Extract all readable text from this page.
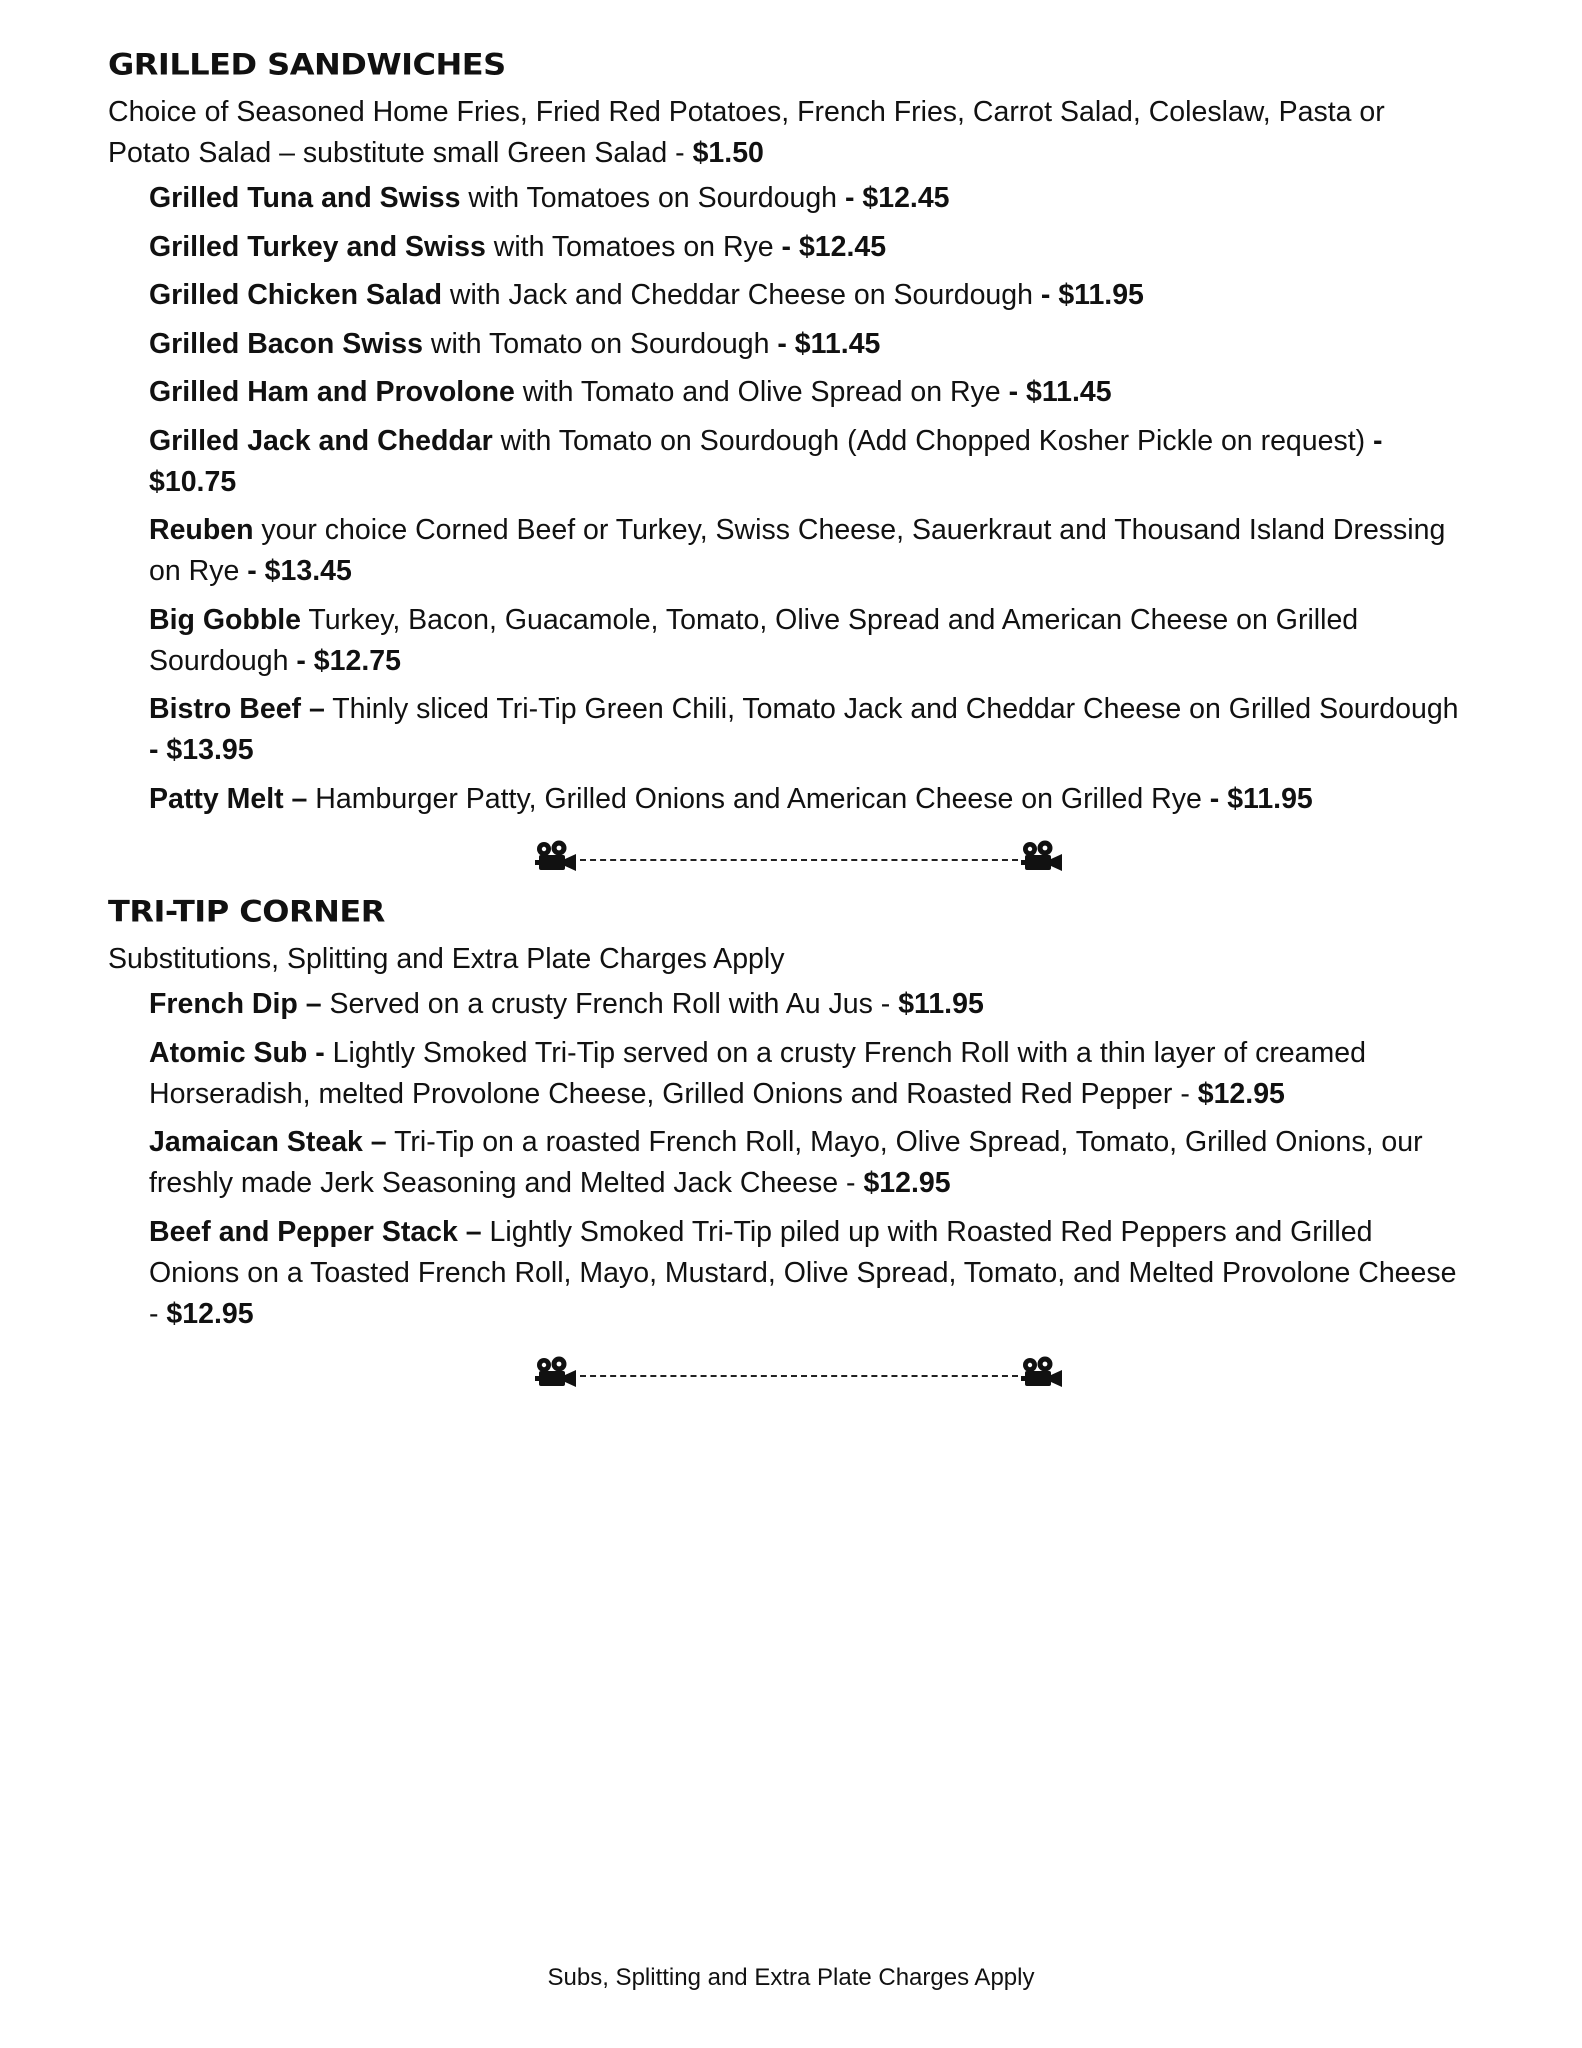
GRILLED SANDWICHES
Choice of Seasoned Home Fries, Fried Red Potatoes, French Fries, Carrot Salad, Coleslaw, Pasta or Potato Salad – substitute small Green Salad - $1.50
Grilled Tuna and Swiss with Tomatoes on Sourdough - $12.45
Grilled Turkey and Swiss with Tomatoes on Rye - $12.45
Grilled Chicken Salad with Jack and Cheddar Cheese on Sourdough - $11.95
Grilled Bacon Swiss with Tomato on Sourdough - $11.45
Grilled Ham and Provolone with Tomato and Olive Spread on Rye - $11.45
Grilled Jack and Cheddar with Tomato on Sourdough (Add Chopped Kosher Pickle on request) - $10.75
Reuben your choice Corned Beef or Turkey, Swiss Cheese, Sauerkraut and Thousand Island Dressing on Rye - $13.45
Big Gobble Turkey, Bacon, Guacamole, Tomato, Olive Spread and American Cheese on Grilled Sourdough - $12.75
Bistro Beef – Thinly sliced Tri-Tip Green Chili, Tomato Jack and Cheddar Cheese on Grilled Sourdough - $13.95
Patty Melt – Hamburger Patty, Grilled Onions and American Cheese on Grilled Rye - $11.95
TRI-TIP CORNER
Substitutions, Splitting and Extra Plate Charges Apply
French Dip – Served on a crusty French Roll with Au Jus - $11.95
Atomic Sub - Lightly Smoked Tri-Tip served on a crusty French Roll with a thin layer of creamed Horseradish, melted Provolone Cheese, Grilled Onions and Roasted Red Pepper - $12.95
Jamaican Steak – Tri-Tip on a roasted French Roll, Mayo, Olive Spread, Tomato, Grilled Onions, our freshly made Jerk Seasoning and Melted Jack Cheese - $12.95
Beef and Pepper Stack – Lightly Smoked Tri-Tip piled up with Roasted Red Peppers and Grilled Onions on a Toasted French Roll, Mayo, Mustard, Olive Spread, Tomato, and Melted Provolone Cheese - $12.95
Subs, Splitting and Extra Plate Charges Apply
